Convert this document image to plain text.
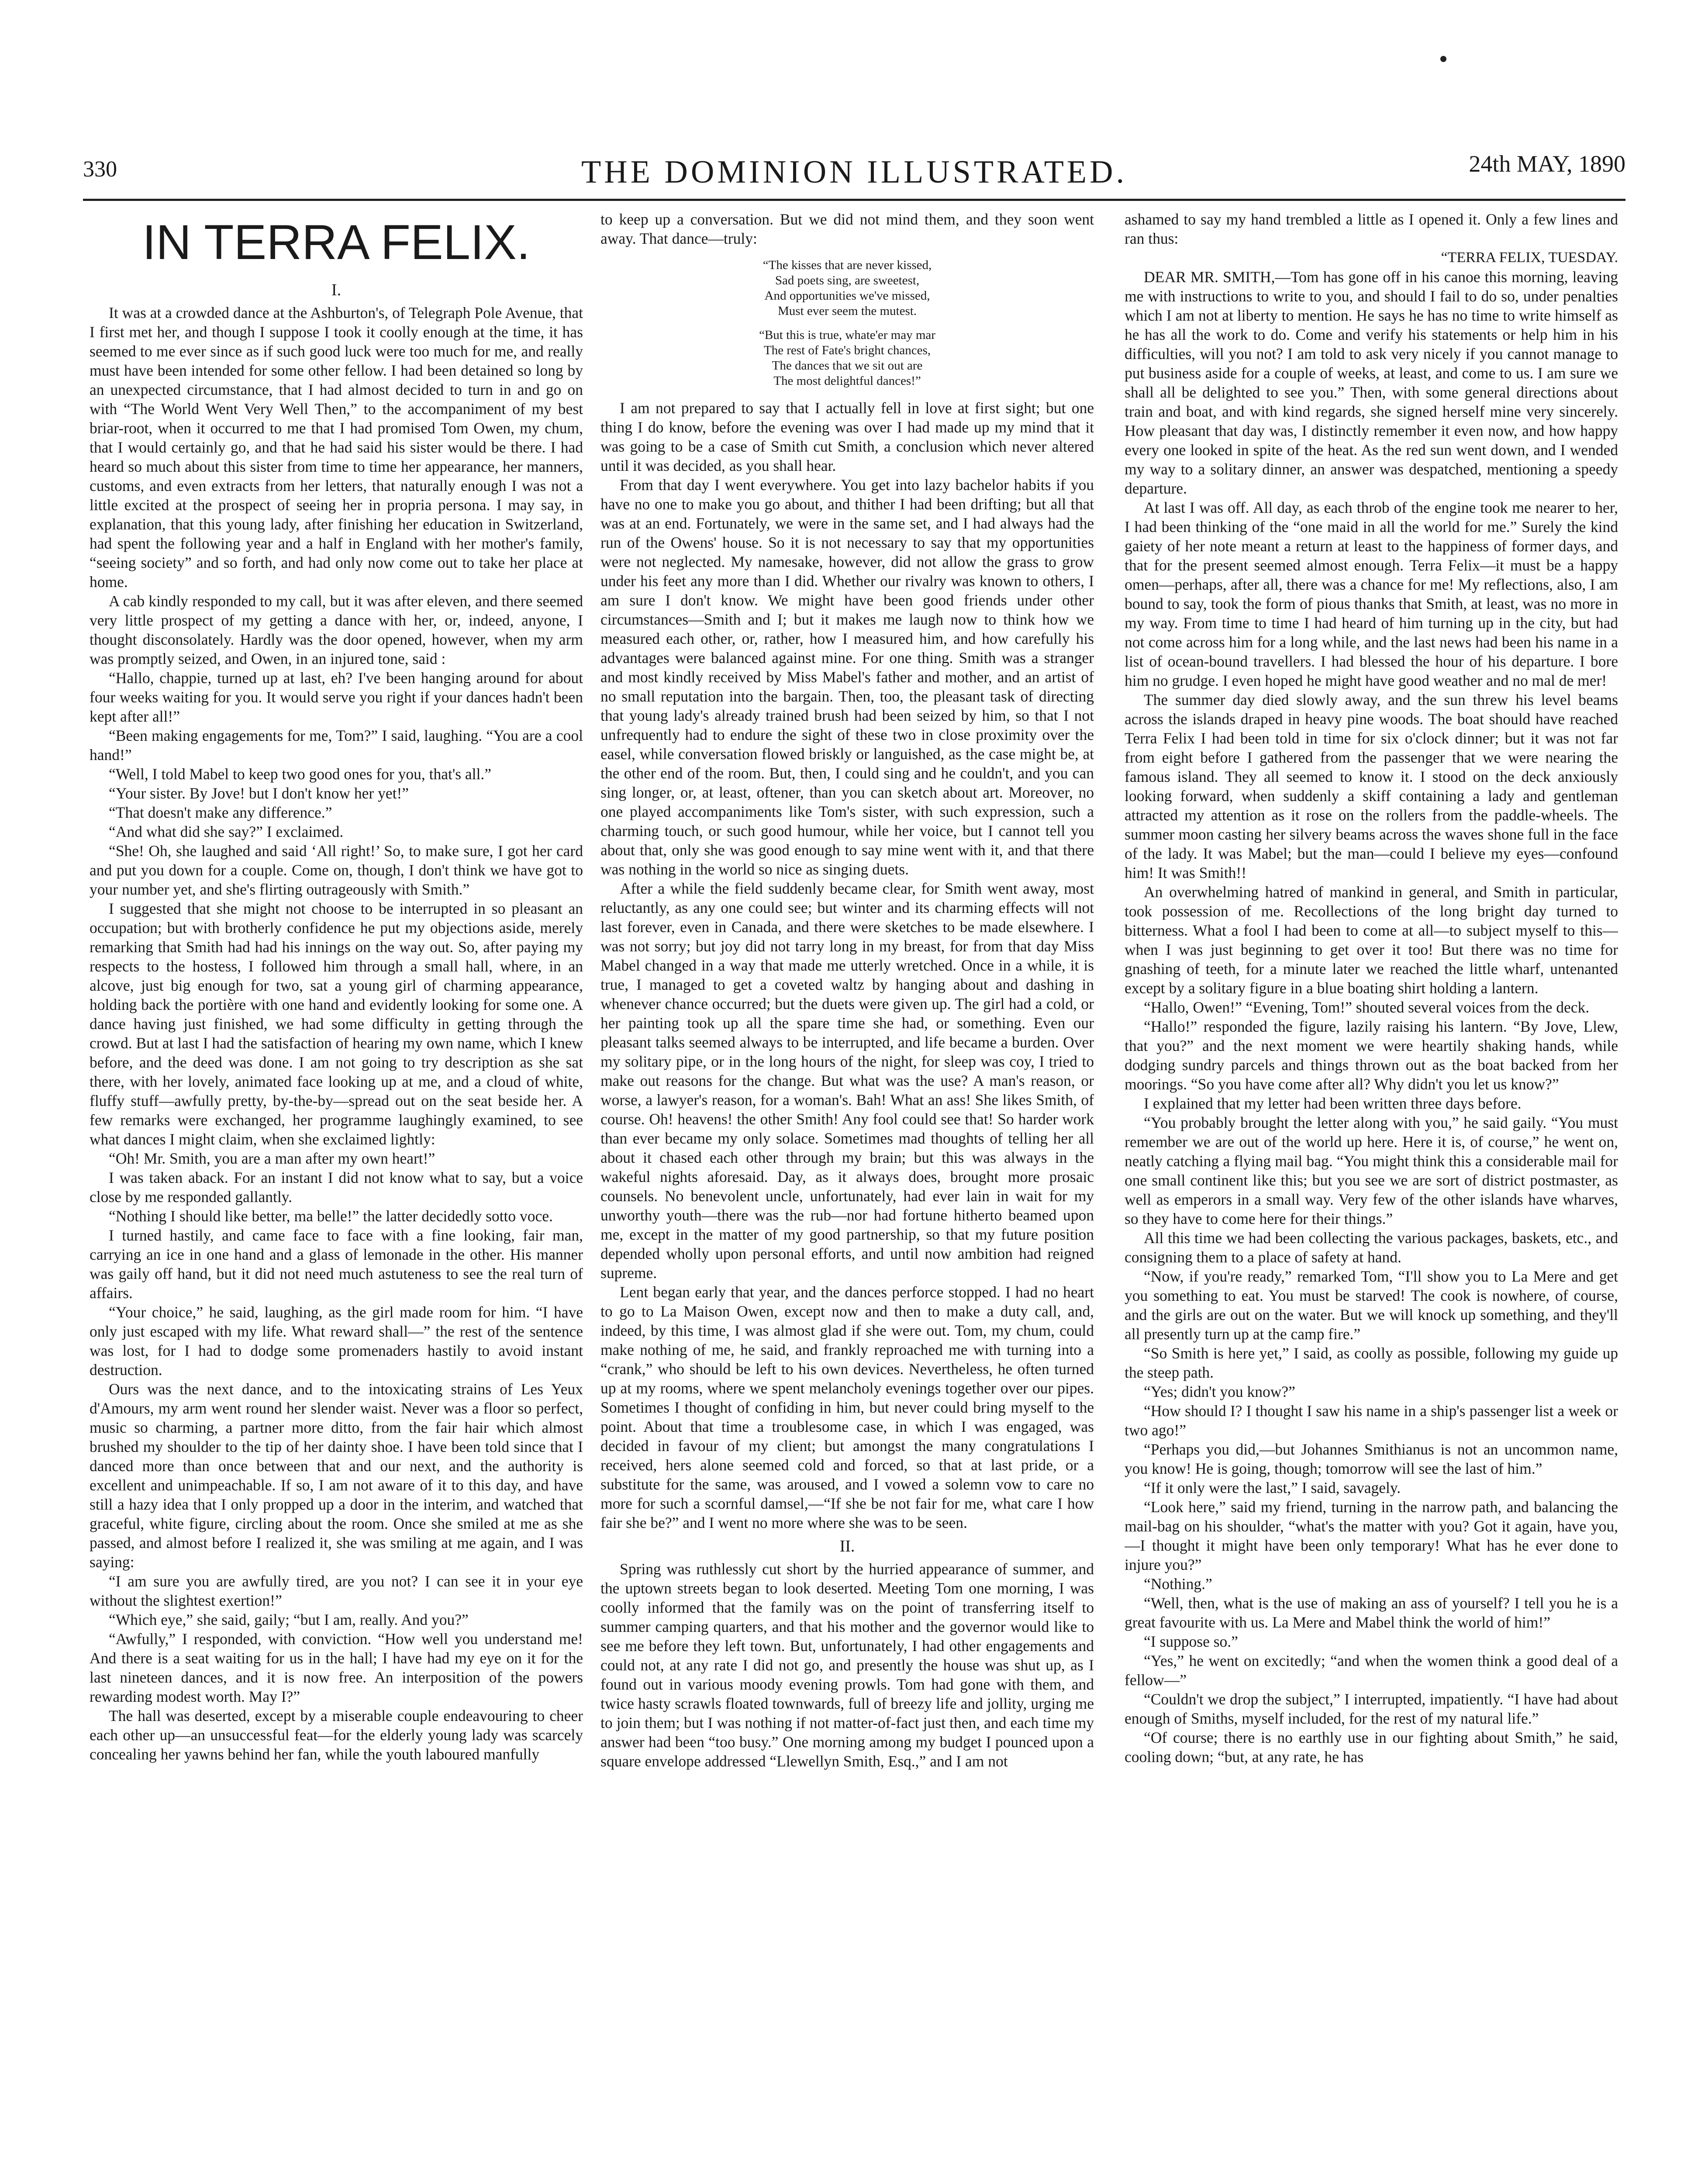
330	THE DOMINION ILLUSTRATED.	24th MAY, 1890
IN TERRA FELIX.
I.

It was at a crowded dance at the Ashburton's, of Telegraph Pole Avenue, that I first met her, and though I suppose I took it coolly enough at the time, it has seemed to me ever since as if such good luck were too much for me, and really must have been intended for some other fellow. I had been detained so long by an unexpected circumstance, that I had almost decided to turn in and go on with “The World Went Very Well Then,” to the accompaniment of my best briar-root, when it occurred to me that I had promised Tom Owen, my chum, that I would certainly go, and that he had said his sister would be there. I had heard so much about this sister from time to time her appearance, her manners, customs, and even extracts from her letters, that naturally enough I was not a little excited at the prospect of seeing her in propria persona. I may say, in explanation, that this young lady, after finishing her education in Switzerland, had spent the following year and a half in England with her mother's family, “seeing society” and so forth, and had only now come out to take her place at home.

A cab kindly responded to my call, but it was after eleven, and there seemed very little prospect of my getting a dance with her, or, indeed, anyone, I thought disconsolately. Hardly was the door opened, however, when my arm was promptly seized, and Owen, in an injured tone, said :

“Hallo, chappie, turned up at last, eh? I've been hanging around for about four weeks waiting for you. It would serve you right if your dances hadn't been kept after all!”

“Been making engagements for me, Tom?” I said, laughing. “You are a cool hand!”

“Well, I told Mabel to keep two good ones for you, that's all.”

“Your sister. By Jove! but I don't know her yet!”

“That doesn't make any difference.”

“And what did she say?” I exclaimed.

“She! Oh, she laughed and said ‘All right!’ So, to make sure, I got her card and put you down for a couple. Come on, though, I don't think we have got to your number yet, and she's flirting outrageously with Smith.”

I suggested that she might not choose to be interrupted in so pleasant an occupation; but with brotherly confidence he put my objections aside, merely remarking that Smith had had his innings on the way out. So, after paying my respects to the hostess, I followed him through a small hall, where, in an alcove, just big enough for two, sat a young girl of charming appearance, holding back the portière with one hand and evidently looking for some one. A dance having just finished, we had some difficulty in getting through the crowd. But at last I had the satisfaction of hearing my own name, which I knew before, and the deed was done. I am not going to try description as she sat there, with her lovely, animated face looking up at me, and a cloud of white, fluffy stuff—awfully pretty, by-the-by—spread out on the seat beside her. A few remarks were exchanged, her programme laughingly examined, to see what dances I might claim, when she exclaimed lightly:

“Oh! Mr. Smith, you are a man after my own heart!”

I was taken aback. For an instant I did not know what to say, but a voice close by me responded gallantly.

“Nothing I should like better, ma belle!” the latter decidedly sotto voce.

I turned hastily, and came face to face with a fine looking, fair man, carrying an ice in one hand and a glass of lemonade in the other. His manner was gaily off hand, but it did not need much astuteness to see the real turn of affairs.

“Your choice,” he said, laughing, as the girl made room for him. “I have only just escaped with my life. What reward shall—” the rest of the sentence was lost, for I had to dodge some promenaders hastily to avoid instant destruction.

Ours was the next dance, and to the intoxicating strains of Les Yeux d'Amours, my arm went round her slender waist. Never was a floor so perfect, music so charming, a partner more ditto, from the fair hair which almost brushed my shoulder to the tip of her dainty shoe. I have been told since that I danced more than once between that and our next, and the authority is excellent and unimpeachable. If so, I am not aware of it to this day, and have still a hazy idea that I only propped up a door in the interim, and watched that graceful, white figure, circling about the room. Once she smiled at me as she passed, and almost before I realized it, she was smiling at me again, and I was saying:

“I am sure you are awfully tired, are you not? I can see it in your eye without the slightest exertion!”

“Which eye,” she said, gaily; “but I am, really. And you?”

“Awfully,” I responded, with conviction. “How well you understand me! And there is a seat waiting for us in the hall; I have had my eye on it for the last nineteen dances, and it is now free. An interposition of the powers rewarding modest worth. May I?”

The hall was deserted, except by a miserable couple endeavouring to cheer each other up—an unsuccessful feat—for the elderly young lady was scarcely concealing her yawns behind her fan, while the youth laboured manfully

to keep up a conversation. But we did not mind them, and they soon went away. That dance—truly:

“The kisses that are never kissed,
Sad poets sing, are sweetest,
And opportunities we've missed,
Must ever seem the mutest.
“But this is true, whate'er may mar
The rest of Fate's bright chances,
The dances that we sit out are
The most delightful dances!”

I am not prepared to say that I actually fell in love at first sight; but one thing I do know, before the evening was over I had made up my mind that it was going to be a case of Smith cut Smith, a conclusion which never altered until it was decided, as you shall hear.

From that day I went everywhere. You get into lazy bachelor habits if you have no one to make you go about, and thither I had been drifting; but all that was at an end. Fortunately, we were in the same set, and I had always had the run of the Owens' house. So it is not necessary to say that my opportunities were not neglected. My namesake, however, did not allow the grass to grow under his feet any more than I did. Whether our rivalry was known to others, I am sure I don't know. We might have been good friends under other circumstances—Smith and I; but it makes me laugh now to think how we measured each other, or, rather, how I measured him, and how carefully his advantages were balanced against mine. For one thing. Smith was a stranger and most kindly received by Miss Mabel's father and mother, and an artist of no small reputation into the bargain. Then, too, the pleasant task of directing that young lady's already trained brush had been seized by him, so that I not unfrequently had to endure the sight of these two in close proximity over the easel, while conversation flowed briskly or languished, as the case might be, at the other end of the room. But, then, I could sing and he couldn't, and you can sing longer, or, at least, oftener, than you can sketch about art. Moreover, no one played accompaniments like Tom's sister, with such expression, such a charming touch, or such good humour, while her voice, but I cannot tell you about that, only she was good enough to say mine went with it, and that there was nothing in the world so nice as singing duets.

After a while the field suddenly became clear, for Smith went away, most reluctantly, as any one could see; but winter and its charming effects will not last forever, even in Canada, and there were sketches to be made elsewhere. I was not sorry; but joy did not tarry long in my breast, for from that day Miss Mabel changed in a way that made me utterly wretched. Once in a while, it is true, I managed to get a coveted waltz by hanging about and dashing in whenever chance occurred; but the duets were given up. The girl had a cold, or her painting took up all the spare time she had, or something. Even our pleasant talks seemed always to be interrupted, and life became a burden. Over my solitary pipe, or in the long hours of the night, for sleep was coy, I tried to make out reasons for the change. But what was the use? A man's reason, or worse, a lawyer's reason, for a woman's. Bah! What an ass! She likes Smith, of course. Oh! heavens! the other Smith! Any fool could see that! So harder work than ever became my only solace. Sometimes mad thoughts of telling her all about it chased each other through my brain; but this was always in the wakeful nights aforesaid. Day, as it always does, brought more prosaic counsels. No benevolent uncle, unfortunately, had ever lain in wait for my unworthy youth—there was the rub—nor had fortune hitherto beamed upon me, except in the matter of my good partnership, so that my future position depended wholly upon personal efforts, and until now ambition had reigned supreme.

Lent began early that year, and the dances perforce stopped. I had no heart to go to La Maison Owen, except now and then to make a duty call, and, indeed, by this time, I was almost glad if she were out. Tom, my chum, could make nothing of me, he said, and frankly reproached me with turning into a “crank,” who should be left to his own devices. Nevertheless, he often turned up at my rooms, where we spent melancholy evenings together over our pipes. Sometimes I thought of confiding in him, but never could bring myself to the point. About that time a troublesome case, in which I was engaged, was decided in favour of my client; but amongst the many congratulations I received, hers alone seemed cold and forced, so that at last pride, or a substitute for the same, was aroused, and I vowed a solemn vow to care no more for such a scornful damsel,—“If she be not fair for me, what care I how fair she be?” and I went no more where she was to be seen.

II.

Spring was ruthlessly cut short by the hurried appearance of summer, and the uptown streets began to look deserted. Meeting Tom one morning, I was coolly informed that the family was on the point of transferring itself to summer camping quarters, and that his mother and the governor would like to see me before they left town. But, unfortunately, I had other engagements and could not, at any rate I did not go, and presently the house was shut up, as I found out in various moody evening prowls. Tom had gone with them, and twice hasty scrawls floated townwards, full of breezy life and jollity, urging me to join them; but I was nothing if not matter-of-fact just then, and each time my answer had been “too busy.” One morning among my budget I pounced upon a square envelope addressed “Llewellyn Smith, Esq.,” and I am not

ashamed to say my hand trembled a little as I opened it. Only a few lines and ran thus:

“TERRA FELIX, TUESDAY.

DEAR MR. SMITH,—Tom has gone off in his canoe this morning, leaving me with instructions to write to you, and should I fail to do so, under penalties which I am not at liberty to mention. He says he has no time to write himself as he has all the work to do. Come and verify his statements or help him in his difficulties, will you not? I am told to ask very nicely if you cannot manage to put business aside for a couple of weeks, at least, and come to us. I am sure we shall all be delighted to see you.” Then, with some general directions about train and boat, and with kind regards, she signed herself mine very sincerely. How pleasant that day was, I distinctly remember it even now, and how happy every one looked in spite of the heat. As the red sun went down, and I wended my way to a solitary dinner, an answer was despatched, mentioning a speedy departure.

At last I was off. All day, as each throb of the engine took me nearer to her, I had been thinking of the “one maid in all the world for me.” Surely the kind gaiety of her note meant a return at least to the happiness of former days, and that for the present seemed almost enough. Terra Felix—it must be a happy omen—perhaps, after all, there was a chance for me! My reflections, also, I am bound to say, took the form of pious thanks that Smith, at least, was no more in my way. From time to time I had heard of him turning up in the city, but had not come across him for a long while, and the last news had been his name in a list of ocean-bound travellers. I had blessed the hour of his departure. I bore him no grudge. I even hoped he might have good weather and no mal de mer!

The summer day died slowly away, and the sun threw his level beams across the islands draped in heavy pine woods. The boat should have reached Terra Felix I had been told in time for six o'clock dinner; but it was not far from eight before I gathered from the passenger that we were nearing the famous island. They all seemed to know it. I stood on the deck anxiously looking forward, when suddenly a skiff containing a lady and gentleman attracted my attention as it rose on the rollers from the paddle-wheels. The summer moon casting her silvery beams across the waves shone full in the face of the lady. It was Mabel; but the man—could I believe my eyes—confound him! It was Smith!!

An overwhelming hatred of mankind in general, and Smith in particular, took possession of me. Recollections of the long bright day turned to bitterness. What a fool I had been to come at all—to subject myself to this—when I was just beginning to get over it too! But there was no time for gnashing of teeth, for a minute later we reached the little wharf, untenanted except by a solitary figure in a blue boating shirt holding a lantern.

“Hallo, Owen!” “Evening, Tom!” shouted several voices from the deck.

“Hallo!” responded the figure, lazily raising his lantern. “By Jove, Llew, that you?” and the next moment we were heartily shaking hands, while dodging sundry parcels and things thrown out as the boat backed from her moorings. “So you have come after all? Why didn't you let us know?”

I explained that my letter had been written three days before.

“You probably brought the letter along with you,” he said gaily. “You must remember we are out of the world up here. Here it is, of course,” he went on, neatly catching a flying mail bag. “You might think this a considerable mail for one small continent like this; but you see we are sort of district postmaster, as well as emperors in a small way. Very few of the other islands have wharves, so they have to come here for their things.”

All this time we had been collecting the various packages, baskets, etc., and consigning them to a place of safety at hand.

“Now, if you're ready,” remarked Tom, “I'll show you to La Mere and get you something to eat. You must be starved! The cook is nowhere, of course, and the girls are out on the water. But we will knock up something, and they'll all presently turn up at the camp fire.”

“So Smith is here yet,” I said, as coolly as possible, following my guide up the steep path.

“Yes; didn't you know?”

“How should I? I thought I saw his name in a ship's passenger list a week or two ago!”

“Perhaps you did,—but Johannes Smithianus is not an uncommon name, you know! He is going, though; tomorrow will see the last of him.”

“If it only were the last,” I said, savagely.

“Look here,” said my friend, turning in the narrow path, and balancing the mail-bag on his shoulder, “what's the matter with you? Got it again, have you,—I thought it might have been only temporary! What has he ever done to injure you?”

“Nothing.”

“Well, then, what is the use of making an ass of yourself? I tell you he is a great favourite with us. La Mere and Mabel think the world of him!”

“I suppose so.”

“Yes,” he went on excitedly; “and when the women think a good deal of a fellow—”

“Couldn't we drop the subject,” I interrupted, impatiently. “I have had about enough of Smiths, myself included, for the rest of my natural life.”

“Of course; there is no earthly use in our fighting about Smith,” he said, cooling down; “but, at any rate, he has
